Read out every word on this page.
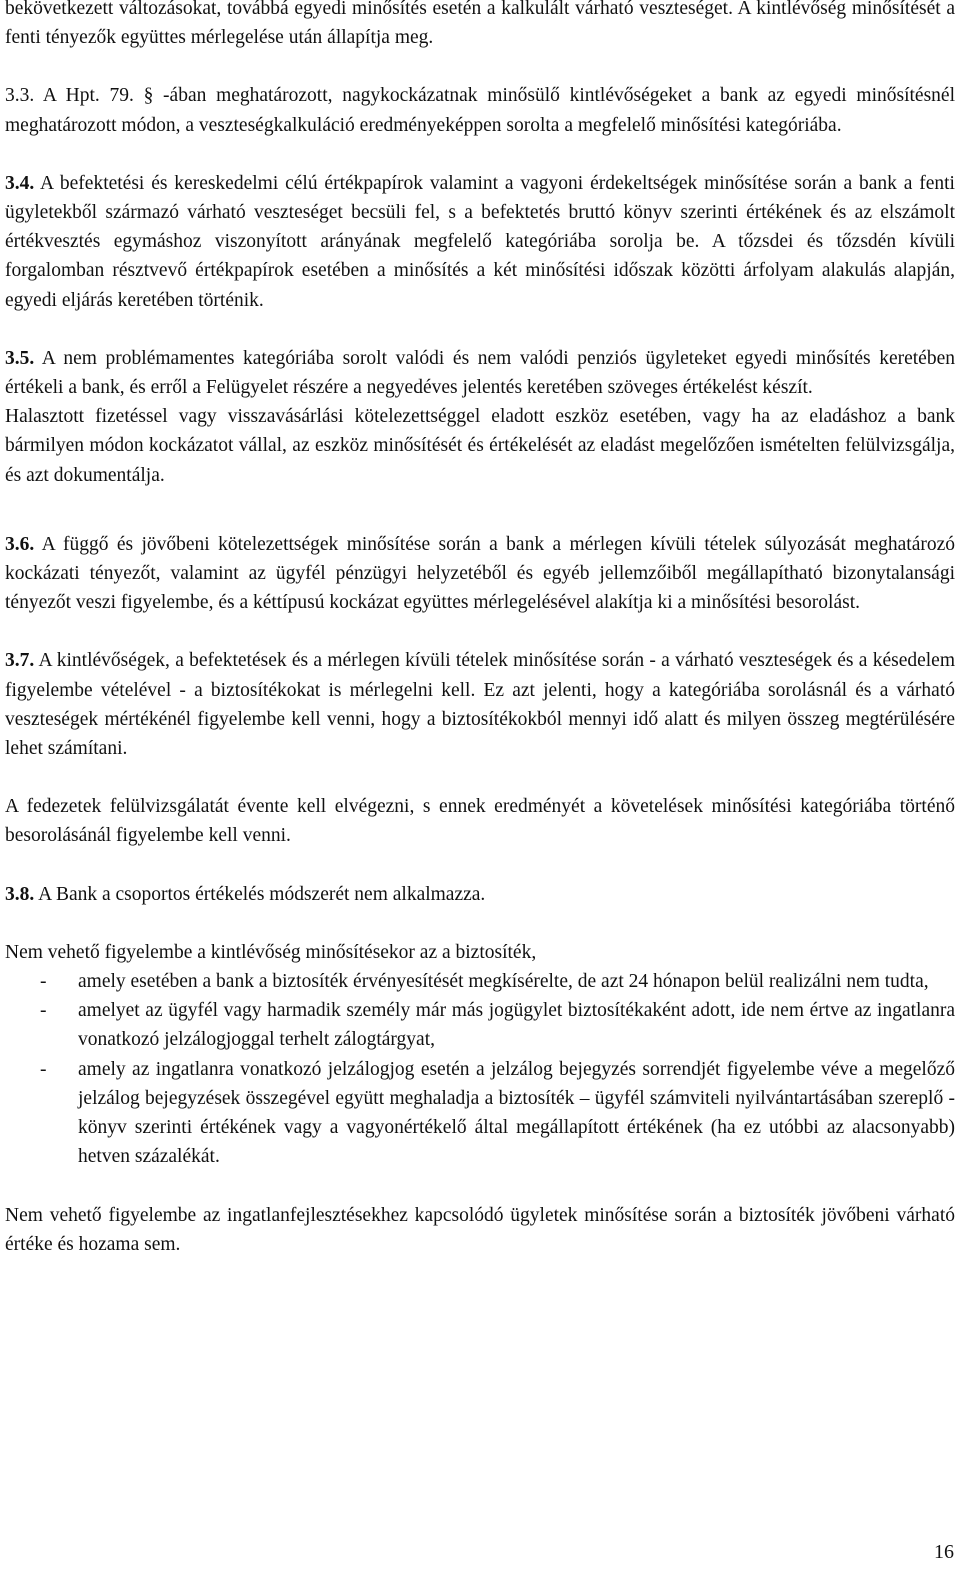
bekövetkezett változásokat, továbbá egyedi minősítés esetén a kalkulált várható veszteséget. A kintlévőség minősítését a fenti tényezők együttes mérlegelése után állapítja meg.

3.3. A Hpt. 79. § -ában meghatározott, nagykockázatnak minősülő kintlévőségeket a bank az egyedi minősítésnél meghatározott módon, a veszteségkalkuláció eredményeképpen sorolta a megfelelő minősítési kategóriába.

3.4. A befektetési és kereskedelmi célú értékpapírok valamint a vagyoni érdekeltségek minősítése során a bank a fenti ügyletekből származó várható veszteséget becsüli fel, s a befektetés bruttó könyv szerinti értékének és az elszámolt értékvesztés egymáshoz viszonyított arányának megfelelő kategóriába sorolja be. A tőzsdei és tőzsdén kívüli forgalomban résztvevő értékpapírok esetében a minősítés a két minősítési időszak közötti árfolyam alakulás alapján, egyedi eljárás keretében történik.

3.5. A nem problémamentes kategóriába sorolt valódi és nem valódi penziós ügyleteket egyedi minősítés keretében értékeli a bank, és erről a Felügyelet részére a negyedéves jelentés keretében szöveges értékelést készít.

Halasztott fizetéssel vagy visszavásárlási kötelezettséggel eladott eszköz esetében, vagy ha az eladáshoz a bank bármilyen módon kockázatot vállal, az eszköz minősítését és értékelését az eladást megelőzően ismételten felülvizsgálja, és azt dokumentálja.

3.6. A függő és jövőbeni kötelezettségek minősítése során a bank a mérlegen kívüli tételek súlyozását meghatározó kockázati tényezőt, valamint az ügyfél pénzügyi helyzetéből és egyéb jellemzőiből megállapítható bizonytalansági tényezőt veszi figyelembe, és a kéttípusú kockázat együttes mérlegelésével alakítja ki a minősítési besorolást.

3.7. A kintlévőségek, a befektetések és a mérlegen kívüli tételek minősítése során - a várható veszteségek és a késedelem figyelembe vételével - a biztosítékokat is mérlegelni kell. Ez azt jelenti, hogy a kategóriába sorolásnál és a várható veszteségek mértékénél figyelembe kell venni, hogy a biztosítékokból mennyi idő alatt és milyen összeg megtérülésére lehet számítani.

A fedezetek felülvizsgálatát évente kell elvégezni, s ennek eredményét a követelések minősítési kategóriába történő besorolásánál figyelembe kell venni.

3.8. A Bank a csoportos értékelés módszerét nem alkalmazza.

Nem vehető figyelembe a kintlévőség minősítésekor az a biztosíték,

- amely esetében a bank a biztosíték érvényesítését megkísérelte, de azt 24 hónapon belül realizálni nem tudta,
- amelyet az ügyfél vagy harmadik személy már más jogügylet biztosítékaként adott, ide nem értve az ingatlanra vonatkozó jelzálogjoggal terhelt zálogtárgyat,
- amely az ingatlanra vonatkozó jelzálogjog esetén a jelzálog bejegyzés sorrendjét figyelembe véve a megelőző jelzálog bejegyzések összegével együtt meghaladja a biztosíték – ügyfél számviteli nyilvántartásában szereplő - könyv szerinti értékének vagy a vagyonértékelő által megállapított értékének (ha ez utóbbi az alacsonyabb) hetven százalékát.

Nem vehető figyelembe az ingatlanfejlesztésekhez kapcsolódó ügyletek minősítése során a biztosíték jövőbeni várható értéke és hozama sem.

16
